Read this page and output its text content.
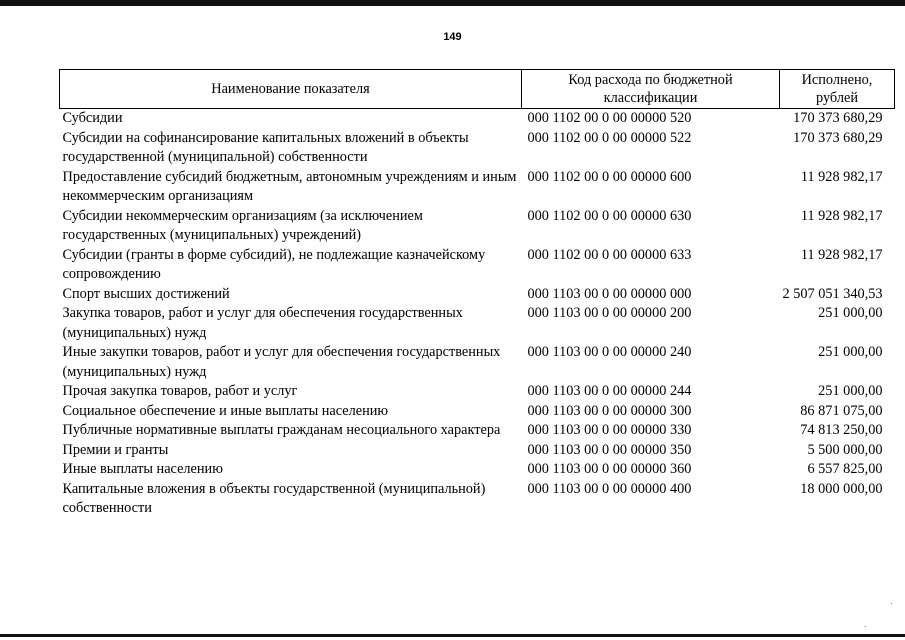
149
Наименование показателя	Код расхода по бюджетной классификации	Исполнено, рублей
Субсидии	000 1102 00 0 00 00000 520	170 373 680,29
Субсидии на софинансирование капитальных вложений в объекты государственной (муниципальной) собственности	000 1102 00 0 00 00000 522	170 373 680,29
Предоставление субсидий бюджетным, автономным учреждениям и иным некоммерческим организациям	000 1102 00 0 00 00000 600	11 928 982,17
Субсидии некоммерческим организациям (за исключением государственных (муниципальных) учреждений)	000 1102 00 0 00 00000 630	11 928 982,17
Субсидии (гранты в форме субсидий), не подлежащие казначейскому сопровождению	000 1102 00 0 00 00000 633	11 928 982,17
Спорт высших достижений	000 1103 00 0 00 00000 000	2 507 051 340,53
Закупка товаров, работ и услуг для обеспечения государственных (муниципальных) нужд	000 1103 00 0 00 00000 200	251 000,00
Иные закупки товаров, работ и услуг для обеспечения государственных (муниципальных) нужд	000 1103 00 0 00 00000 240	251 000,00
Прочая закупка товаров, работ и услуг	000 1103 00 0 00 00000 244	251 000,00
Социальное обеспечение и иные выплаты населению	000 1103 00 0 00 00000 300	86 871 075,00
Публичные нормативные выплаты гражданам несоциального характера	000 1103 00 0 00 00000 330	74 813 250,00
Премии и гранты	000 1103 00 0 00 00000 350	5 500 000,00
Иные выплаты населению	000 1103 00 0 00 00000 360	6 557 825,00
Капитальные вложения в объекты государственной (муниципальной) собственности	000 1103 00 0 00 00000 400	18 000 000,00
.
.
